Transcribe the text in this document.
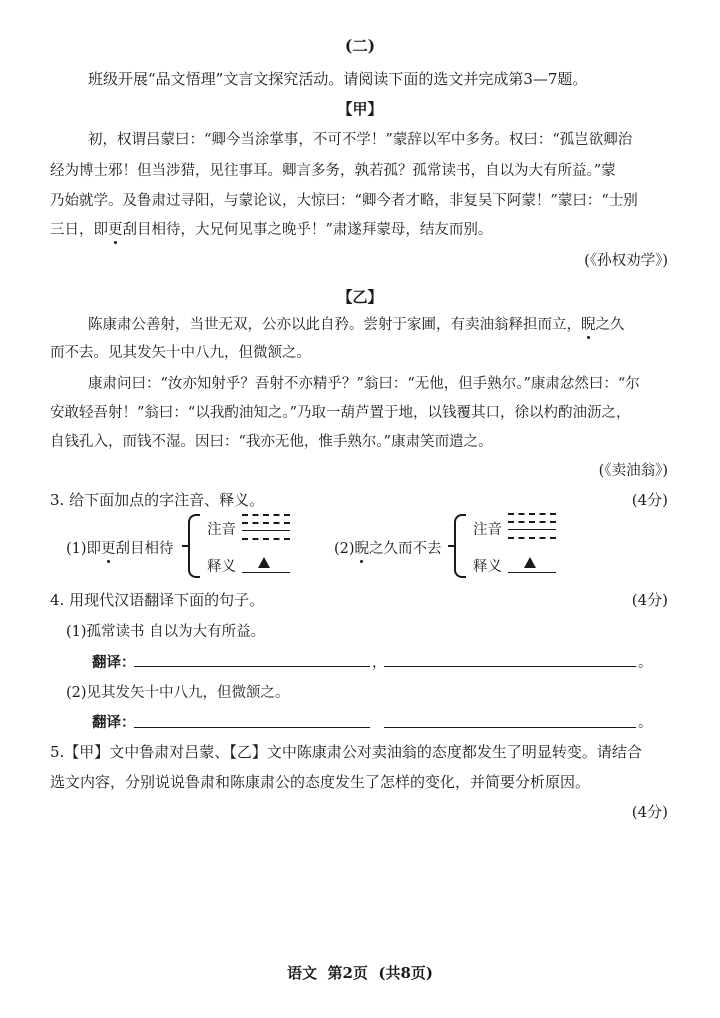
(二)
班级开展“品文悟理”文言文探究活动。请阅读下面的选文并完成第3—7题。
【甲】
初，权谓吕蒙曰：“卿今当涂掌事，不可不学！”蒙辞以军中多务。权曰：“孤岂欲卿治
经为博士邪！但当涉猎，见往事耳。卿言多务，孰若孤？孤常读书，自以为大有所益。”蒙
乃始就学。及鲁肃过寻阳，与蒙论议，大惊曰：“卿今者才略，非复吴下阿蒙！”蒙曰：“士别
三日，即更刮目相待，大兄何见事之晚乎！”肃遂拜蒙母，结友而别。
(《孙权劝学》)
【乙】
陈康肃公善射，当世无双，公亦以此自矜。尝射于家圃，有卖油翁释担而立，睨之久
而不去。见其发矢十中八九，但微颔之。
康肃问曰：“汝亦知射乎？吾射不亦精乎？”翁曰：“无他，但手熟尔。”康肃忿然曰：“尔
安敢轻吾射！”翁曰：“以我酌油知之。”乃取一葫芦置于地，以钱覆其口，徐以杓酌油沥之，
自钱孔入，而钱不湿。因曰：“我亦无他，惟手熟尔。”康肃笑而遣之。
(《卖油翁》)
3. 给下面加点的字注音、释义。	(4分)
(1)即更刮目相待
注音
释义
(2)睨之久而不去
注音
释义
4. 用现代汉语翻译下面的句子。	(4分)
(1)孤常读书 自以为大有所益。
翻译：	，	。
(2)见其发矢十中八九，但微颔之。
翻译：	。
5.【甲】文中鲁肃对吕蒙、【乙】文中陈康肃公对卖油翁的态度都发生了明显转变。请结合
选文内容，分别说说鲁肃和陈康肃公的态度发生了怎样的变化，并简要分析原因。
(4分)
语文  第2页  (共8页)
